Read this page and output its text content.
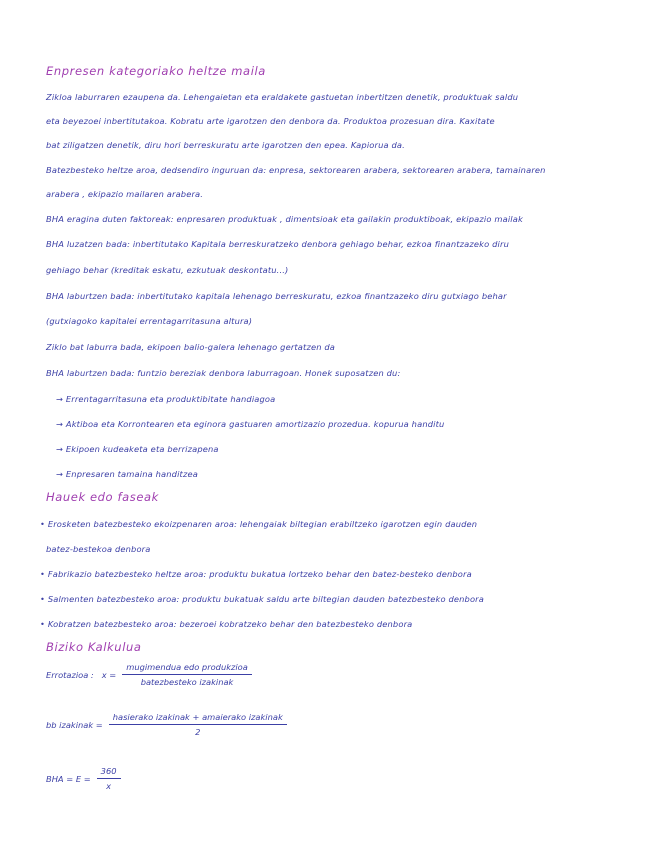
Enpresen kategoriako heltze maila
Zikloa laburraren ezaupena da. Lehengaietan eta eraldakete gastuetan inbertitzen denetik, produktuak saldu
eta beyezoei inbertitutakoa. Kobratu arte igarotzen den denbora da. Produktoa prozesuan dira. Kaxitate
bat ziligatzen denetik, diru hori berreskuratu arte igarotzen den epea. Kapiorua da.
Batezbesteko heltze aroa, dedsendiro inguruan da: enpresa, sektorearen arabera, sektorearen arabera, tamainaren
arabera , ekipazio mailaren arabera.
BHA eragina duten faktoreak: enpresaren produktuak , dimentsioak eta gailakin produktiboak, ekipazio mailak
BHA luzatzen bada: inbertitutako Kapitala berreskuratzeko denbora gehiago behar, ezkoa finantzazeko diru
gehiago behar (kreditak eskatu, ezkutuak deskontatu...)
BHA laburtzen bada: inbertitutako kapitala lehenago berreskuratu, ezkoa finantzazeko diru gutxiago behar
(gutxiagoko kapitalei errentagarritasuna altura)
Ziklo bat laburra bada, ekipoen balio-galera lehenago gertatzen da
BHA laburtzen bada: funtzio bereziak denbora laburragoan. Honek suposatzen du:
→ Errentagarritasuna eta produktibitate handiagoa
→ Aktiboa eta Korrontearen eta eginora gastuaren amortizazio prozedua. kopurua handitu
→ Ekipoen kudeaketa eta berrizapena
→ Enpresaren tamaina handitzea
Hauek edo faseak
• Erosketen batezbesteko ekoizpenaren aroa: lehengaiak biltegian erabiltzeko igarotzen egin dauden
batez-bestekoa denbora
• Fabrikazio batezbesteko heltze aroa: produktu bukatua lortzeko behar den batez-besteko denbora
• Salmenten batezbesteko aroa: produktu bukatuak saldu arte biltegian dauden batezbesteko denbora
• Kobratzen batezbesteko aroa: bezeroei kobratzeko behar den batezbesteko denbora
Biziko Kalkulua
Errotazioa : $x = \frac{\text{mugimendua edo produkzioa}}{\text{batezbesteko izakinak}}$
bb izakinak = $\frac{\text{hasierako izakinak + amaierako izakinak}}{2}$
BHA = $E = \frac{360}{x}$
